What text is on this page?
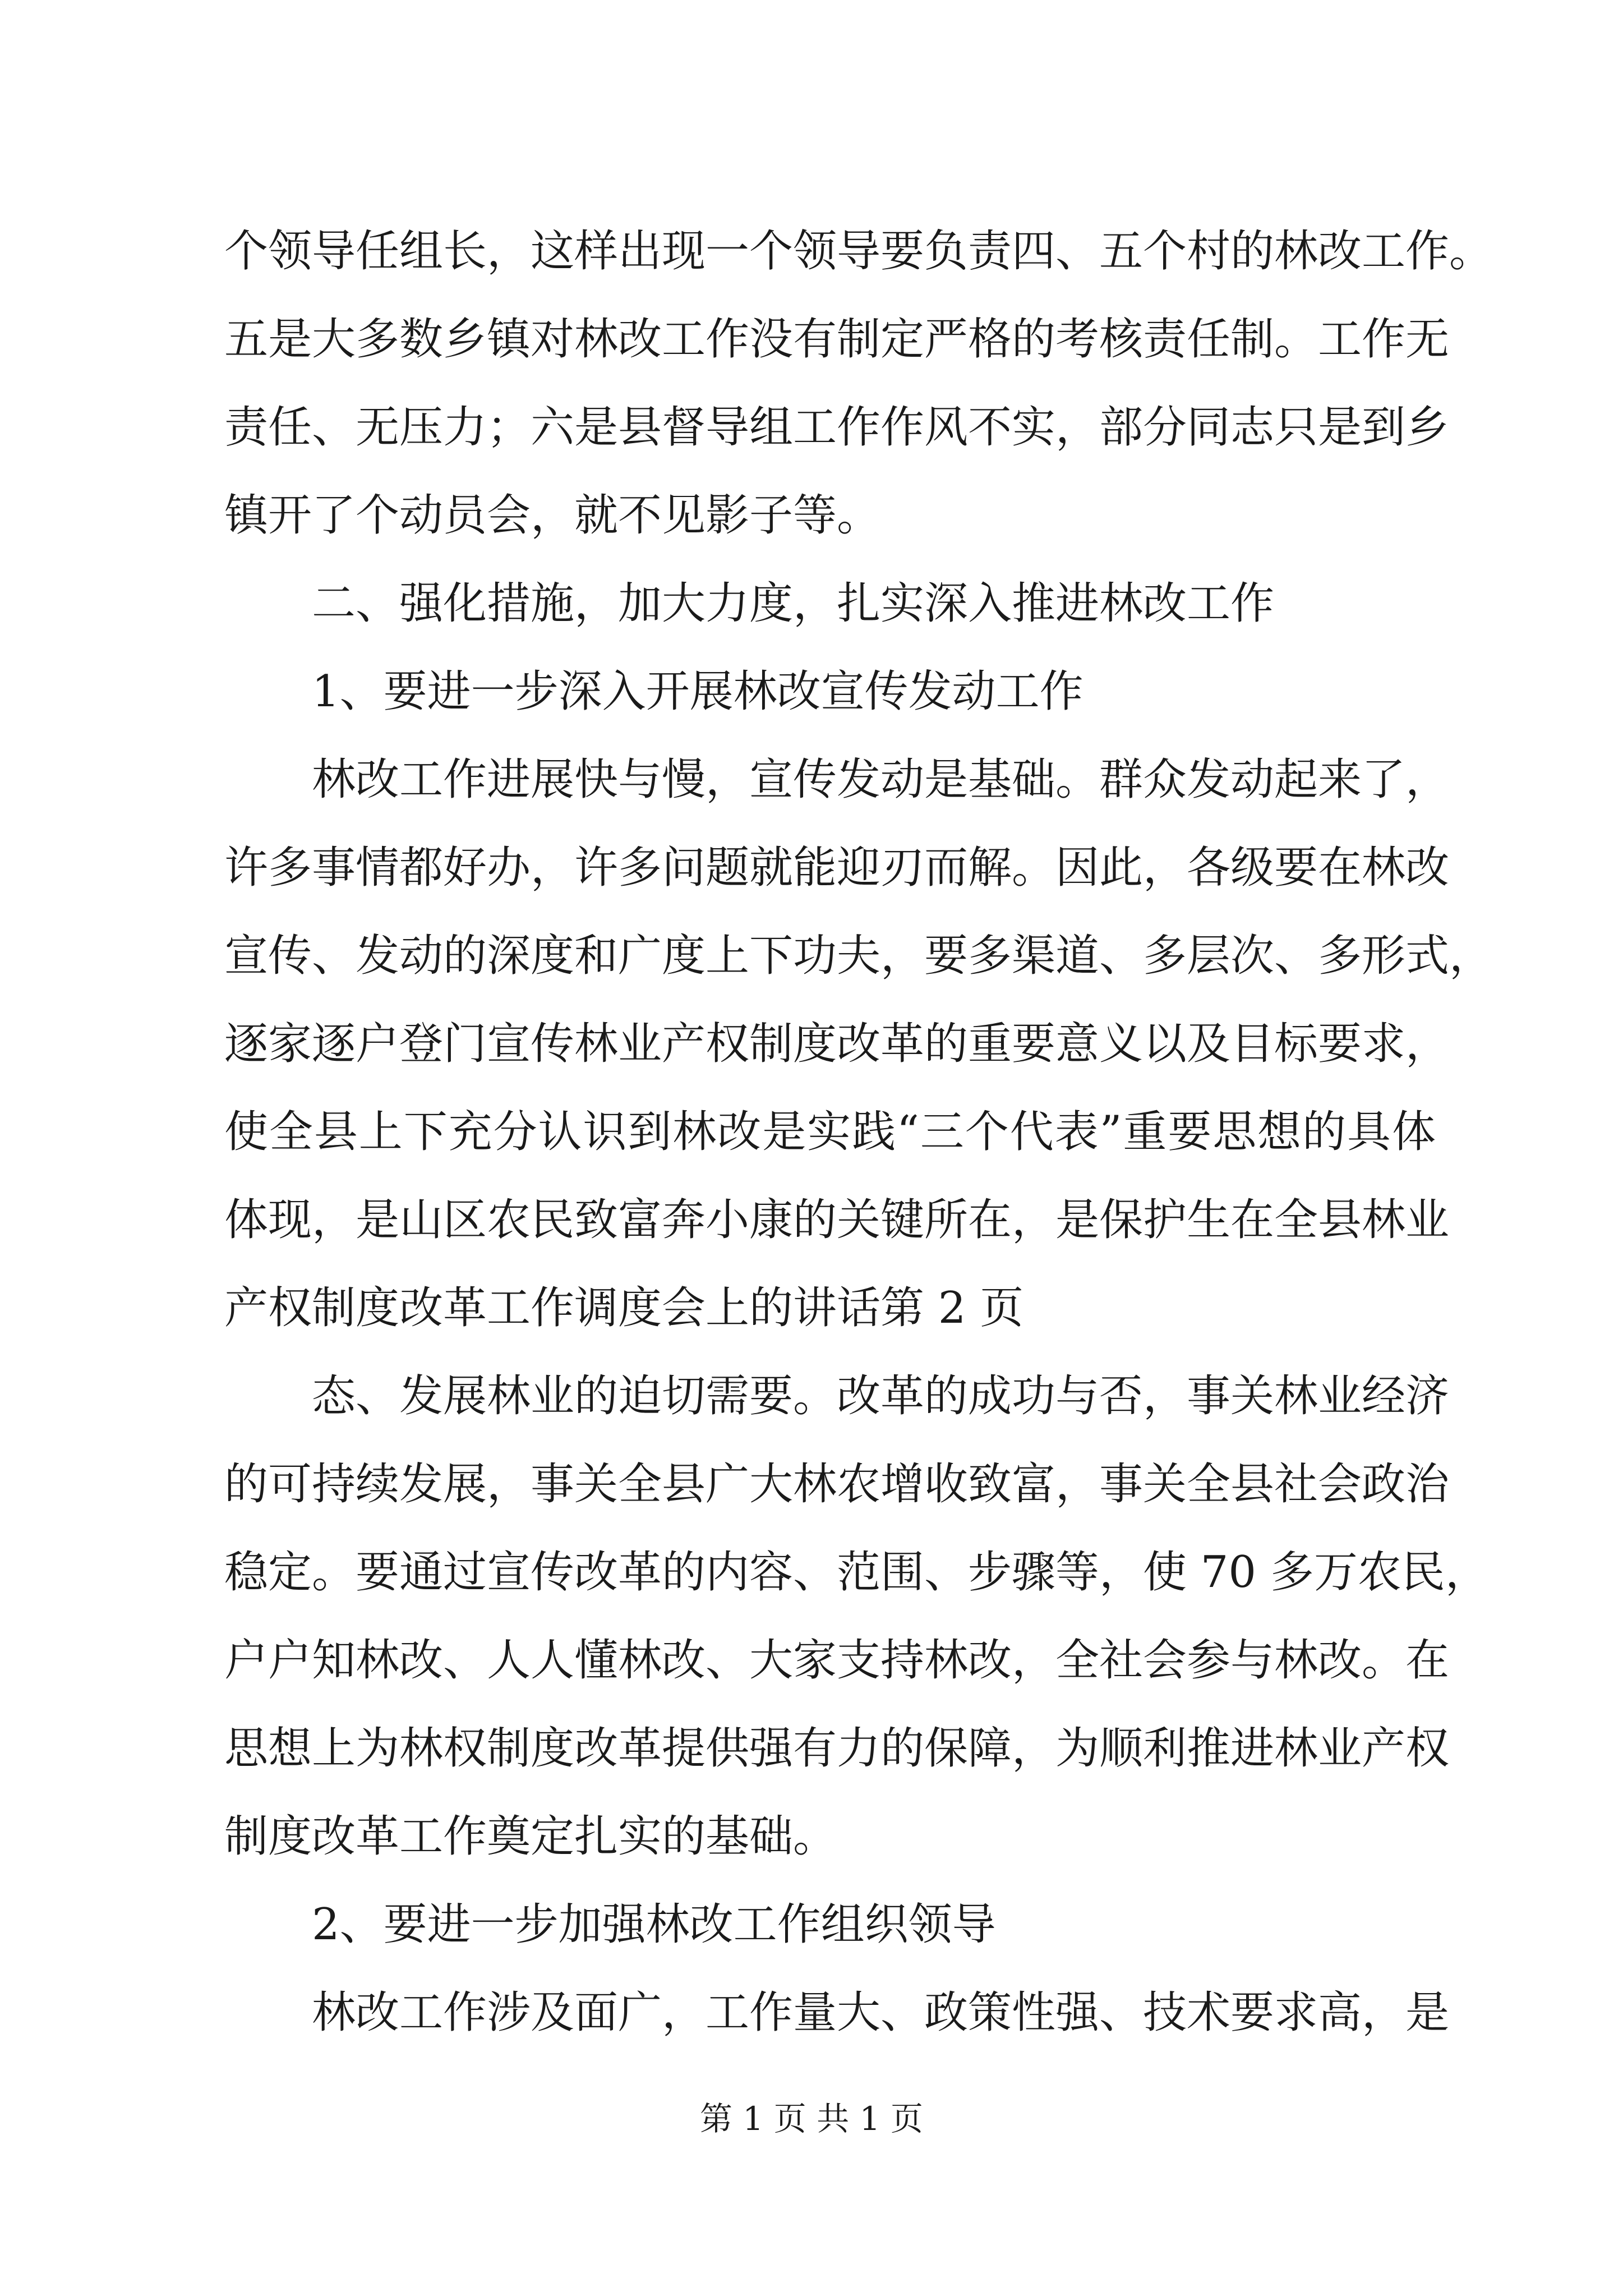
个领导任组长，这样出现一个领导要负责四、五个村的林改工作。
五是大多数乡镇对林改工作没有制定严格的考核责任制。工作无
责任、无压力；六是县督导组工作作风不实，部分同志只是到乡
镇开了个动员会，就不见影子等。
二、强化措施，加大力度，扎实深入推进林改工作
1、要进一步深入开展林改宣传发动工作
林改工作进展快与慢，宣传发动是基础。群众发动起来了，
许多事情都好办，许多问题就能迎刃而解。因此，各级要在林改
宣传、发动的深度和广度上下功夫，要多渠道、多层次、多形式，
逐家逐户登门宣传林业产权制度改革的重要意义以及目标要求，
使全县上下充分认识到林改是实践“三个代表”重要思想的具体
体现，是山区农民致富奔小康的关键所在，是保护生在全县林业
产权制度改革工作调度会上的讲话第 2 页
态、发展林业的迫切需要。改革的成功与否，事关林业经济
的可持续发展，事关全县广大林农增收致富，事关全县社会政治
稳定。要通过宣传改革的内容、范围、步骤等，使 70 多万农民，
户户知林改、人人懂林改、大家支持林改，全社会参与林改。在
思想上为林权制度改革提供强有力的保障，为顺利推进林业产权
制度改革工作奠定扎实的基础。
2、要进一步加强林改工作组织领导
林改工作涉及面广，工作量大、政策性强、技术要求高，是
第 1 页 共 1 页
